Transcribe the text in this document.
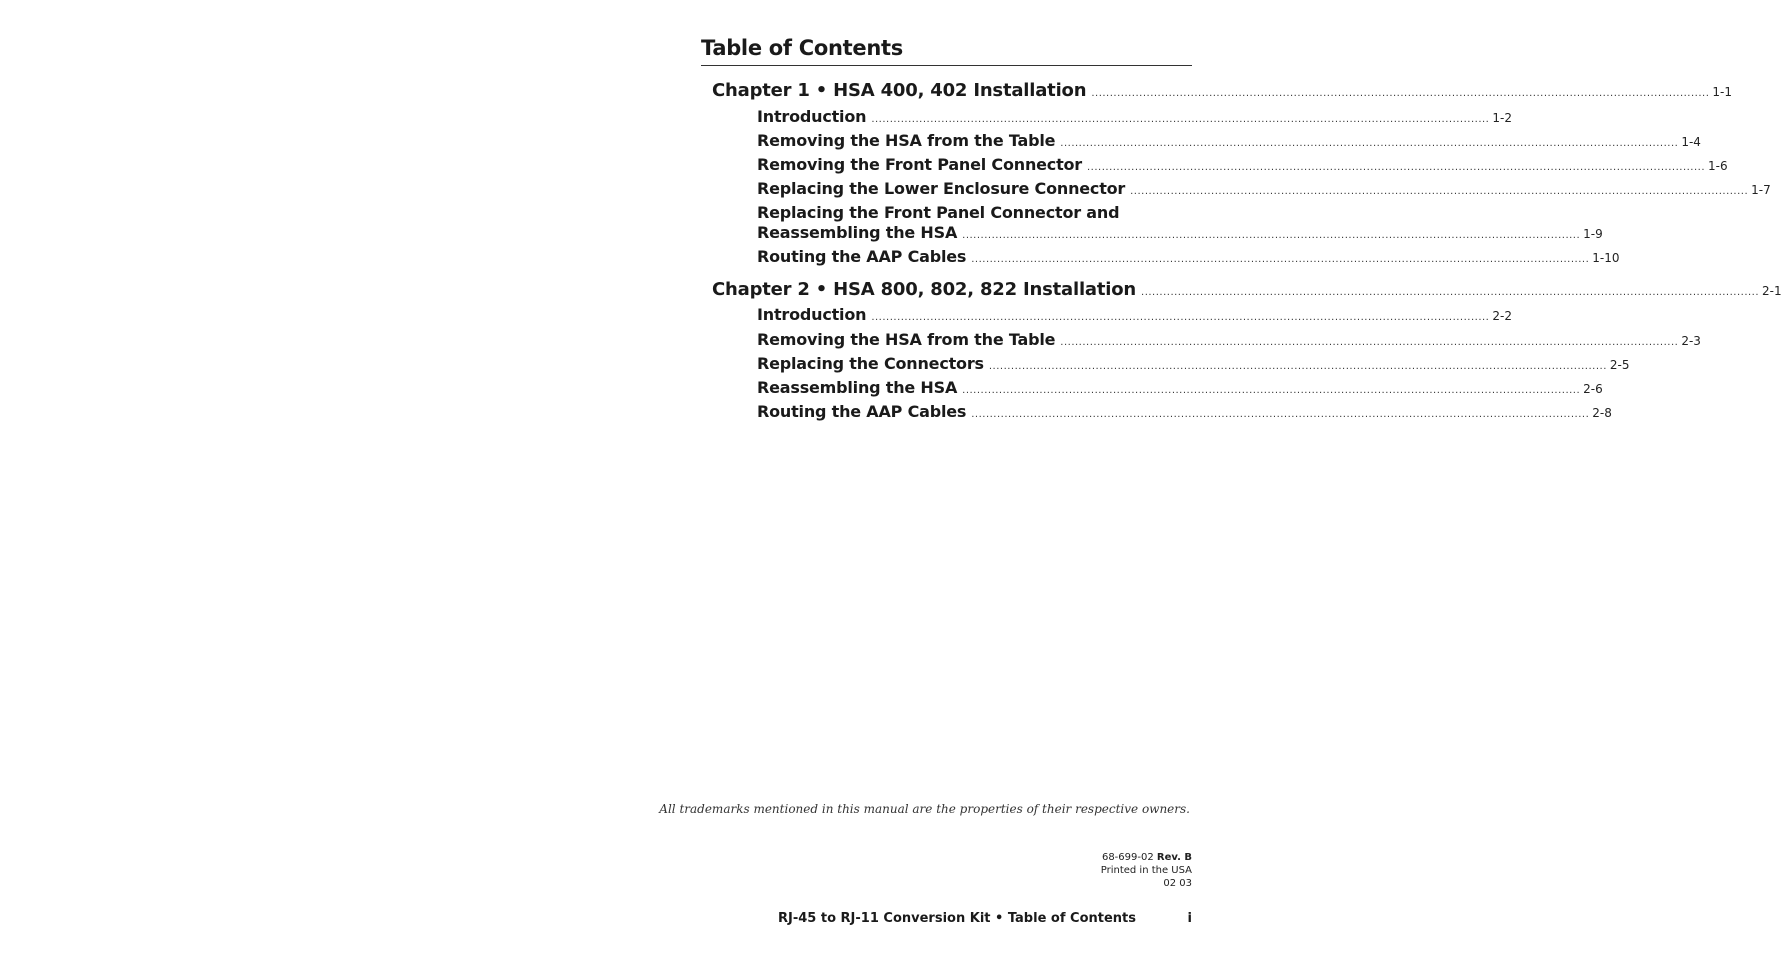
Table of Contents
Chapter 1 • HSA 400, 402 Installation ........................................................................................................................................................................ 1-1
Introduction ........................................................................................................................................................................ 1-2
Removing the HSA from the Table ........................................................................................................................................................................ 1-4
Removing the Front Panel Connector ........................................................................................................................................................................ 1-6
Replacing the Lower Enclosure Connector ........................................................................................................................................................................ 1-7
Replacing the Front Panel Connector and
Reassembling the HSA ........................................................................................................................................................................ 1-9
Routing the AAP Cables ........................................................................................................................................................................ 1-10
Chapter 2 • HSA 800, 802, 822 Installation ........................................................................................................................................................................ 2-1
Introduction ........................................................................................................................................................................ 2-2
Removing the HSA from the Table ........................................................................................................................................................................ 2-3
Replacing the Connectors ........................................................................................................................................................................ 2-5
Reassembling the HSA ........................................................................................................................................................................ 2-6
Routing the AAP Cables ........................................................................................................................................................................ 2-8
All trademarks mentioned in this manual are the properties of their respective owners.
68-699-02 Rev. B
Printed in the USA
02 03
RJ-45 to RJ-11 Conversion Kit • Table of Contents	i
